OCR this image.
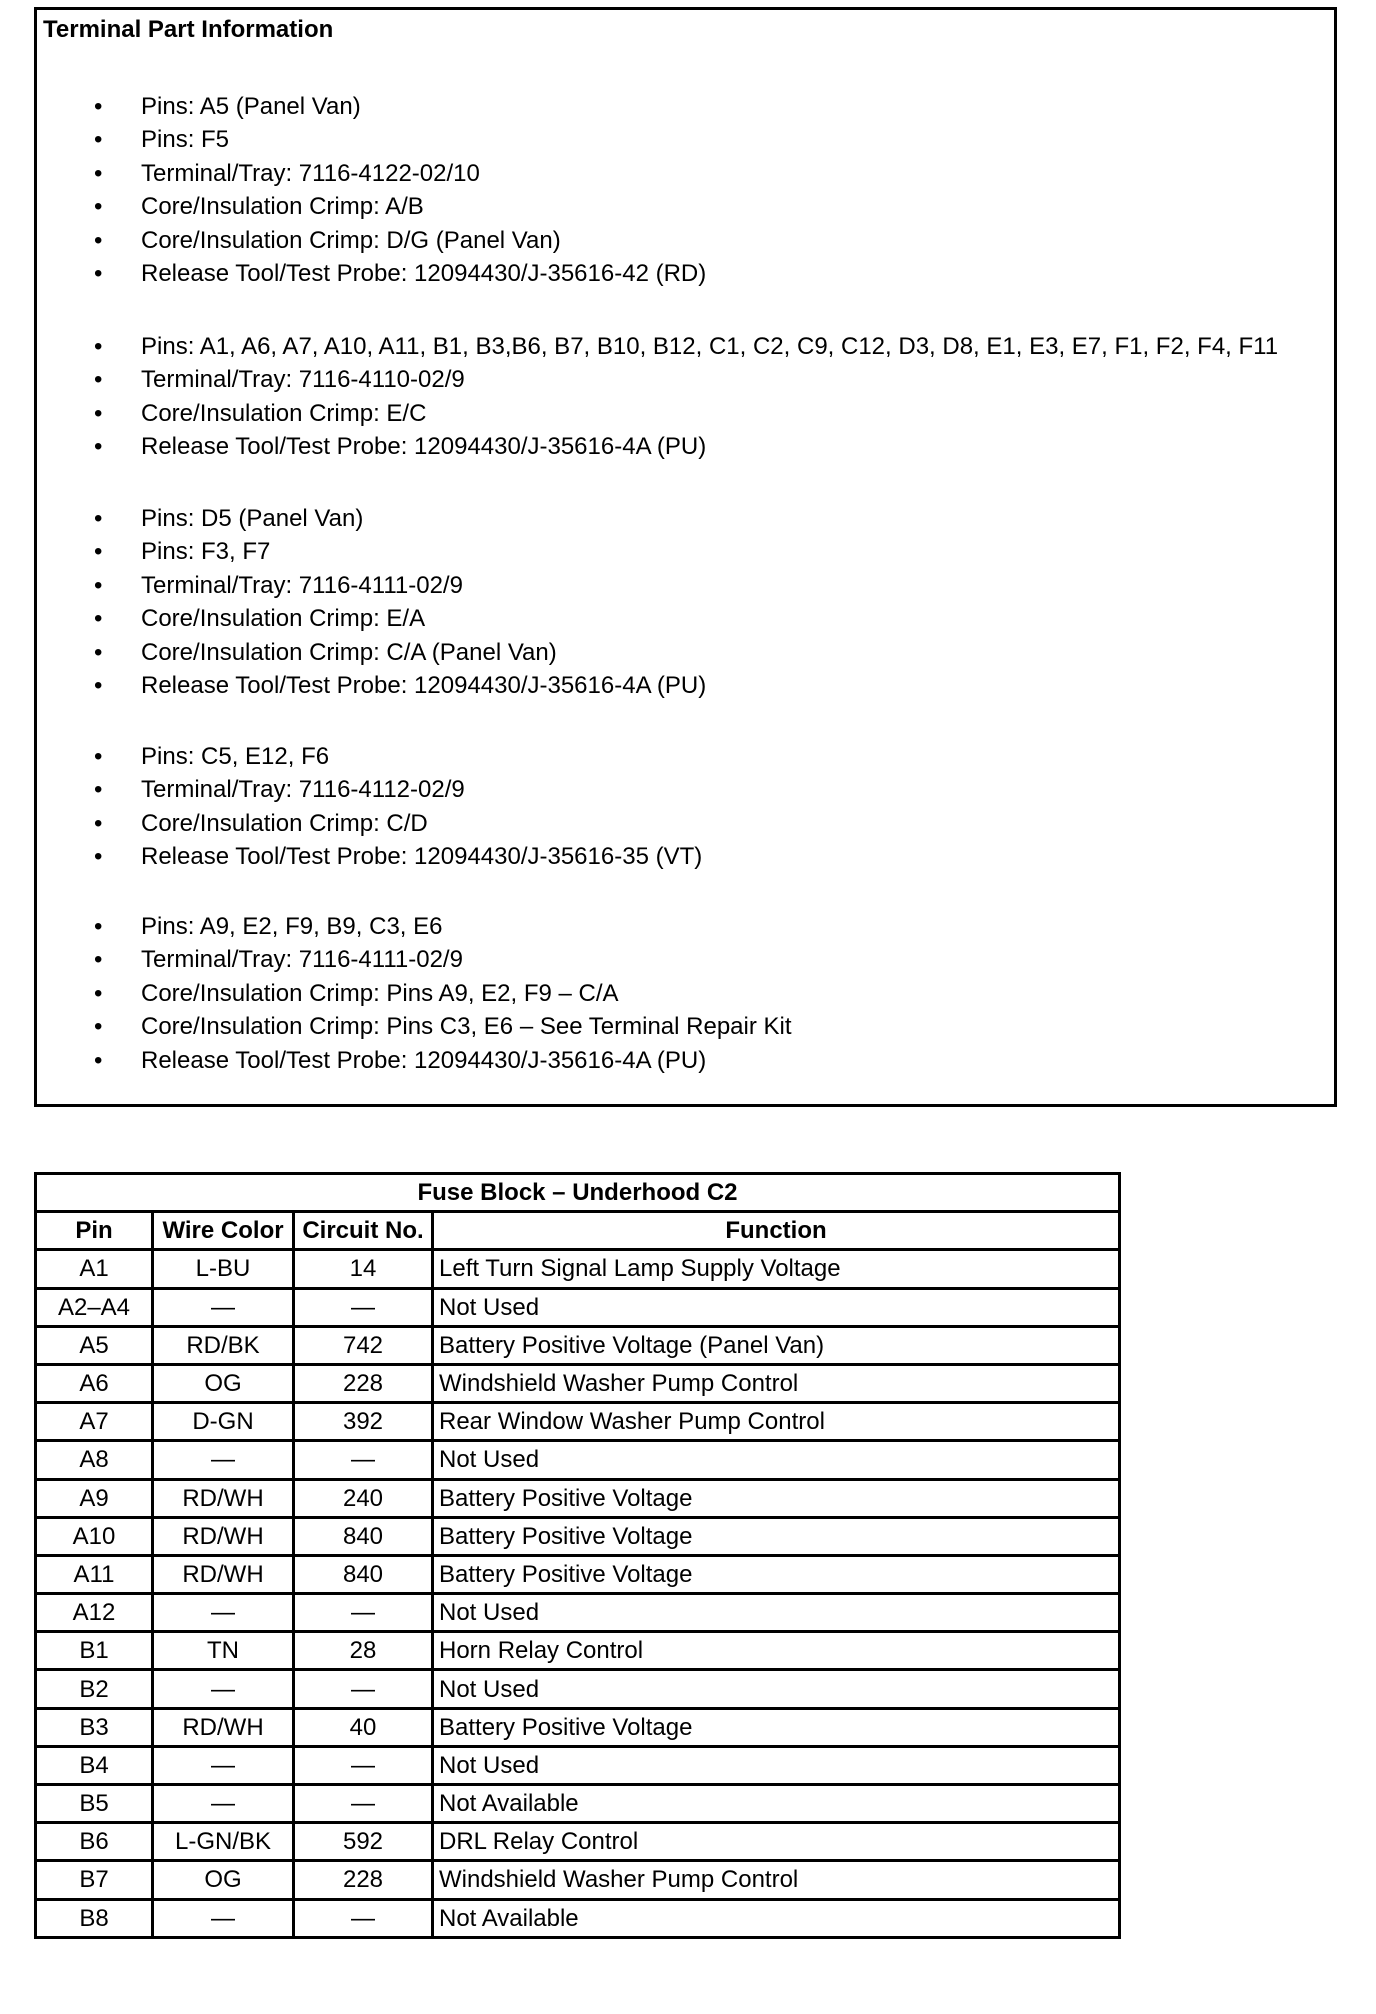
Terminal Part Information
• Pins: A5 (Panel Van)
• Pins: F5
• Terminal/Tray: 7116-4122-02/10
• Core/Insulation Crimp: A/B
• Core/Insulation Crimp: D/G (Panel Van)
• Release Tool/Test Probe: 12094430/J-35616-42 (RD)
• Pins: A1, A6, A7, A10, A11, B1, B3,B6, B7, B10, B12, C1, C2, C9, C12, D3, D8, E1, E3, E7, F1, F2, F4, F11
• Terminal/Tray: 7116-4110-02/9
• Core/Insulation Crimp: E/C
• Release Tool/Test Probe: 12094430/J-35616-4A (PU)
• Pins: D5 (Panel Van)
• Pins: F3, F7
• Terminal/Tray: 7116-4111-02/9
• Core/Insulation Crimp: E/A
• Core/Insulation Crimp: C/A (Panel Van)
• Release Tool/Test Probe: 12094430/J-35616-4A (PU)
• Pins: C5, E12, F6
• Terminal/Tray: 7116-4112-02/9
• Core/Insulation Crimp: C/D
• Release Tool/Test Probe: 12094430/J-35616-35 (VT)
• Pins: A9, E2, F9, B9, C3, E6
• Terminal/Tray: 7116-4111-02/9
• Core/Insulation Crimp: Pins A9, E2, F9 – C/A
• Core/Insulation Crimp: Pins C3, E6 – See Terminal Repair Kit
• Release Tool/Test Probe: 12094430/J-35616-4A (PU)
Fuse Block – Underhood C2			
Pin	Wire Color	Circuit No.	Function
A1	L-BU	14	Left Turn Signal Lamp Supply Voltage
A2–A4	—	—	Not Used
A5	RD/BK	742	Battery Positive Voltage (Panel Van)
A6	OG	228	Windshield Washer Pump Control
A7	D-GN	392	Rear Window Washer Pump Control
A8	—	—	Not Used
A9	RD/WH	240	Battery Positive Voltage
A10	RD/WH	840	Battery Positive Voltage
A11	RD/WH	840	Battery Positive Voltage
A12	—	—	Not Used
B1	TN	28	Horn Relay Control
B2	—	—	Not Used
B3	RD/WH	40	Battery Positive Voltage
B4	—	—	Not Used
B5	—	—	Not Available
B6	L-GN/BK	592	DRL Relay Control
B7	OG	228	Windshield Washer Pump Control
B8	—	—	Not Available
